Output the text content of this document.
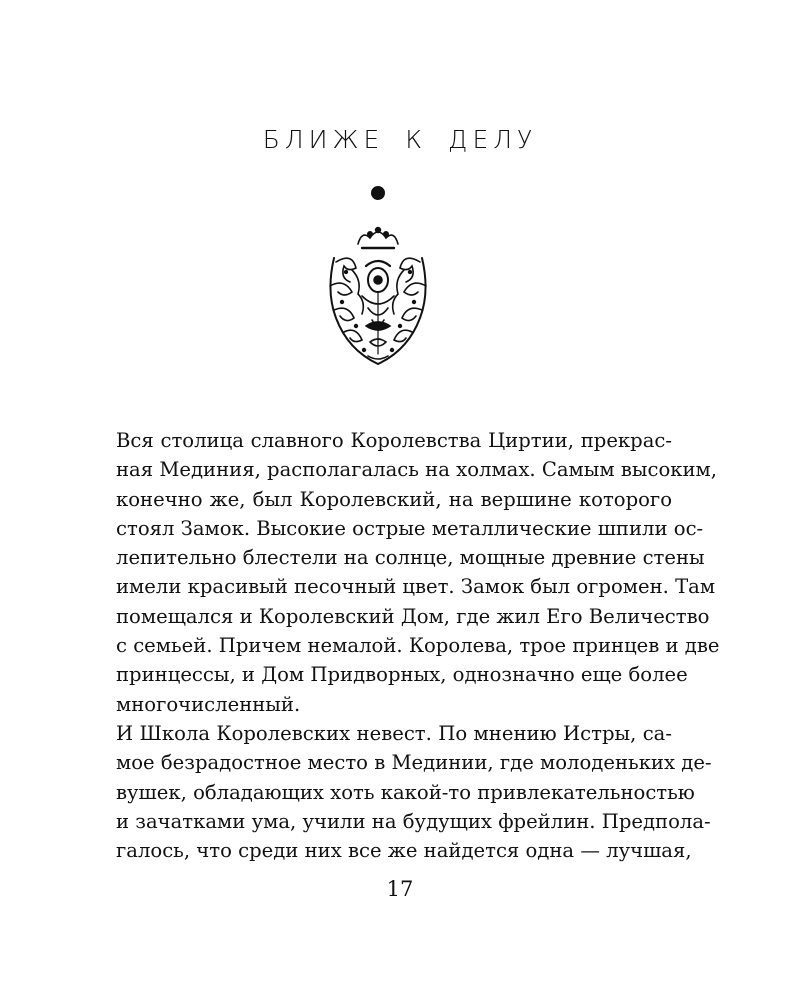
БЛИЖЕ К ДЕЛУ

Вся столица славного Королевства Циртии, прекрас-
ная Мединия, располагалась на холмах. Самым высоким,
конечно же, был Королевский, на вершине которого
стоял Замок. Высокие острые металлические шпили ос-
лепительно блестели на солнце, мощные древние стены
имели красивый песочный цвет. Замок был огромен. Там
помещался и Королевский Дом, где жил Его Величество
с семьей. Причем немалой. Королева, трое принцев и две
принцессы, и Дом Придворных, однозначно еще более
многочисленный.

И Школа Королевских невест. По мнению Истры, са-
мое безрадостное место в Мединии, где молоденьких де-
вушек, обладающих хоть какой-то привлекательностью
и зачатками ума, учили на будущих фрейлин. Предпола-
галось, что среди них все же найдется одна — лучшая,

17
